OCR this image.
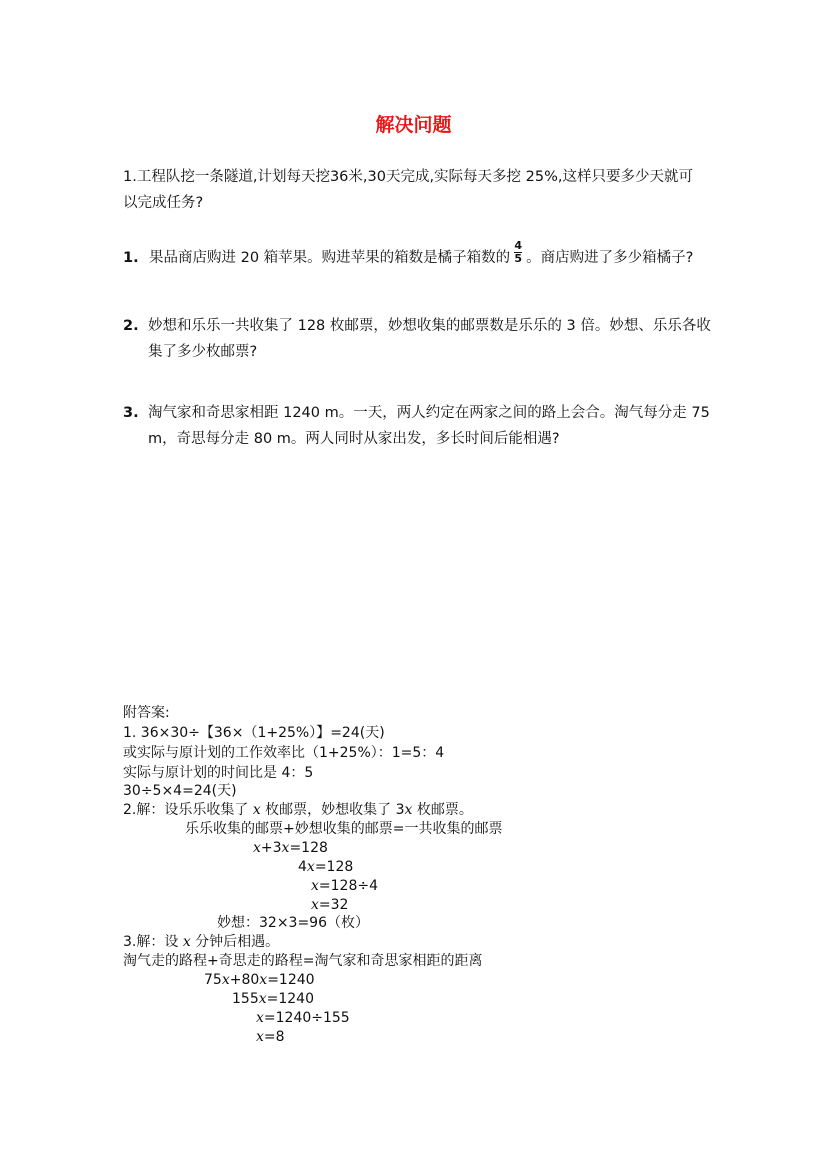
解决问题
1.工程队挖一条隧道,计划每天挖36米,30天完成,实际每天多挖 25%,这样只要多少天就可
以完成任务?
1. 果品商店购进 20 箱苹果。购进苹果的箱数是橘子箱数的 $\frac{4}{5}$ 。商店购进了多少箱橘子?
2. 妙想和乐乐一共收集了 128 枚邮票，妙想收集的邮票数是乐乐的 3 倍。妙想、乐乐各收
集了多少枚邮票?
3. 淘气家和奇思家相距 1240 m。一天，两人约定在两家之间的路上会合。淘气每分走 75
m，奇思每分走 80 m。两人同时从家出发，多长时间后能相遇?
附答案:
1. 36×30÷【36×（1+25%）】=24(天)
或实际与原计划的工作效率比（1+25%）：1=5：4
实际与原计划的时间比是 4：5
30÷5×4=24(天)
2.解：设乐乐收集了 x 枚邮票，妙想收集了 3x 枚邮票。
乐乐收集的邮票+妙想收集的邮票=一共收集的邮票
x+3x=128
4x=128
x=128÷4
x=32
妙想：32×3=96（枚）
3.解：设 x 分钟后相遇。
淘气走的路程+奇思走的路程=淘气家和奇思家相距的距离
75x+80x=1240
155x=1240
x=1240÷155
x=8
